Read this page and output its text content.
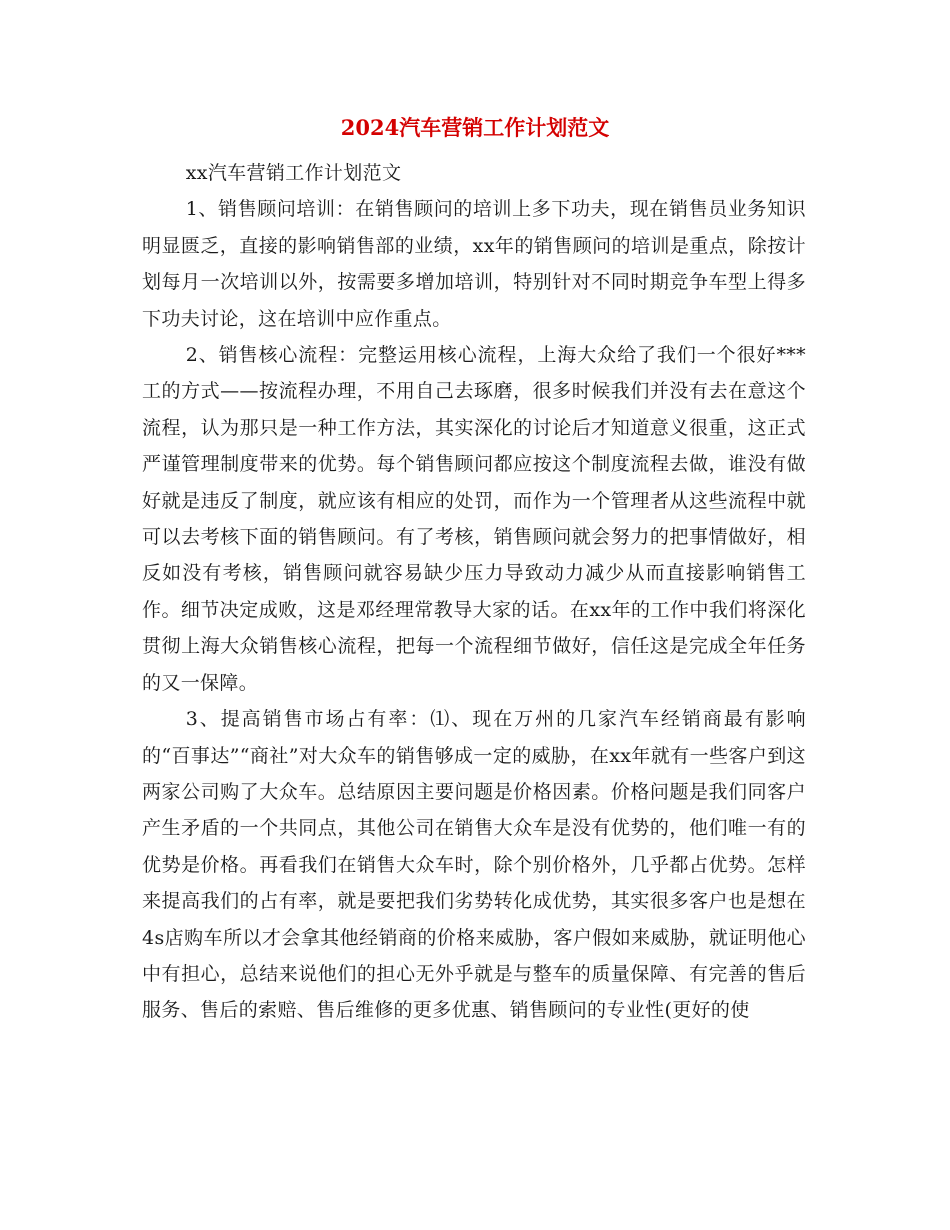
2024汽车营销工作计划范文

xx汽车营销工作计划范文

1、销售顾问培训：在销售顾问的培训上多下功夫，现在销售员业务知识明显匮乏，直接的影响销售部的业绩，xx年的销售顾问的培训是重点，除按计划每月一次培训以外，按需要多增加培训，特别针对不同时期竞争车型上得多下功夫讨论，这在培训中应作重点。

2、销售核心流程：完整运用核心流程，上海大众给了我们一个很好***工的方式——按流程办理，不用自己去琢磨，很多时候我们并没有去在意这个流程，认为那只是一种工作方法，其实深化的讨论后才知道意义很重，这正式严谨管理制度带来的优势。每个销售顾问都应按这个制度流程去做，谁没有做好就是违反了制度，就应该有相应的处罚，而作为一个管理者从这些流程中就可以去考核下面的销售顾问。有了考核，销售顾问就会努力的把事情做好，相反如没有考核，销售顾问就容易缺少压力导致动力减少从而直接影响销售工作。细节决定成败，这是邓经理常教导大家的话。在xx年的工作中我们将深化贯彻上海大众销售核心流程，把每一个流程细节做好，信任这是完成全年任务的又一保障。

3、提高销售市场占有率：⑴、现在万州的几家汽车经销商最有影响的“百事达”“商社”对大众车的销售够成一定的威胁，在xx年就有一些客户到这两家公司购了大众车。总结原因主要问题是价格因素。价格问题是我们同客户产生矛盾的一个共同点，其他公司在销售大众车是没有优势的，他们唯一有的优势是价格。再看我们在销售大众车时，除个别价格外，几乎都占优势。怎样来提高我们的占有率，就是要把我们劣势转化成优势，其实很多客户也是想在4s店购车所以才会拿其他经销商的价格来威胁，客户假如来威胁，就证明他心中有担心，总结来说他们的担心无外乎就是与整车的质量保障、有完善的售后服务、售后的索赔、售后维修的更多优惠、销售顾问的专业性(更好的使
